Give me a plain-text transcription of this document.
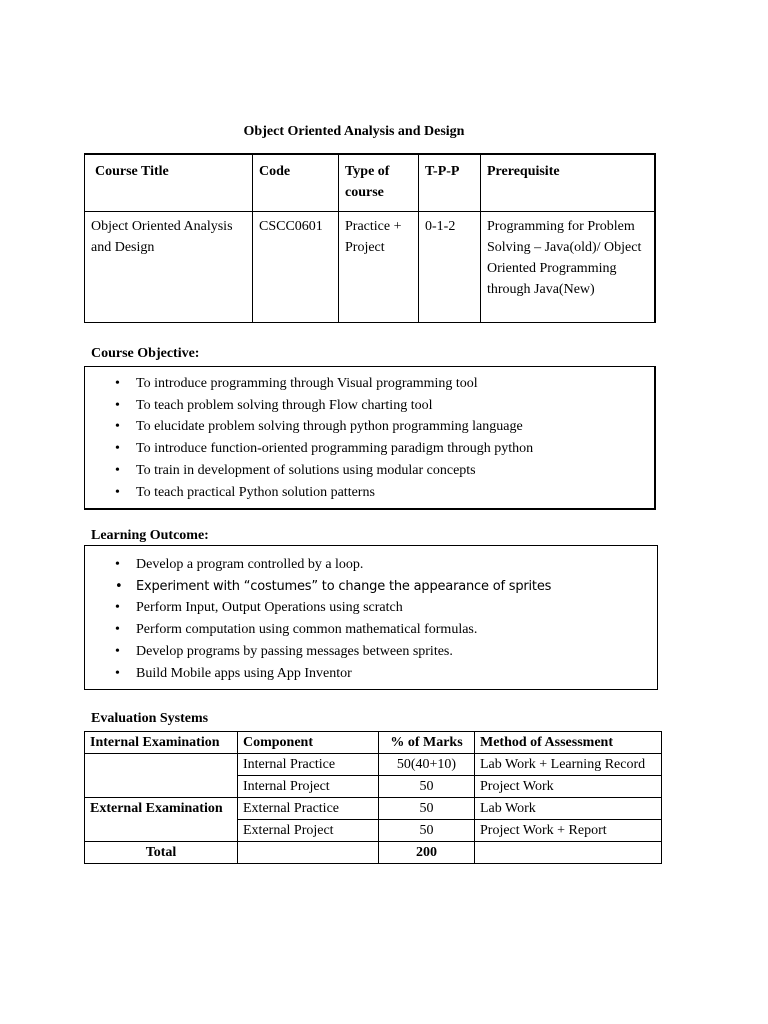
Object Oriented Analysis and Design
Course Title	Code	Type of course	T-P-P	Prerequisite
Object Oriented Analysis and Design	CSCC0601	Practice + Project	0-1-2	Programming for Problem Solving – Java(old)/ Object Oriented Programming through Java(New)
Course Objective:
• To introduce programming through Visual programming tool
• To teach problem solving through Flow charting tool
• To elucidate problem solving through python programming language
• To introduce function-oriented programming paradigm through python
• To train in development of solutions using modular concepts
• To teach practical Python solution patterns
Learning Outcome:
• Develop a program controlled by a loop.
• Experiment with “costumes” to change the appearance of sprites
• Perform Input, Output Operations using scratch
• Perform computation using common mathematical formulas.
• Develop programs by passing messages between sprites.
• Build Mobile apps using App Inventor
Evaluation Systems
Internal Examination	Component	% of Marks	Method of Assessment
	Internal Practice	50(40+10)	Lab Work + Learning Record
	Internal Project	50	Project Work
External Examination	External Practice	50	Lab Work
	External Project	50	Project Work + Report
Total		200	
